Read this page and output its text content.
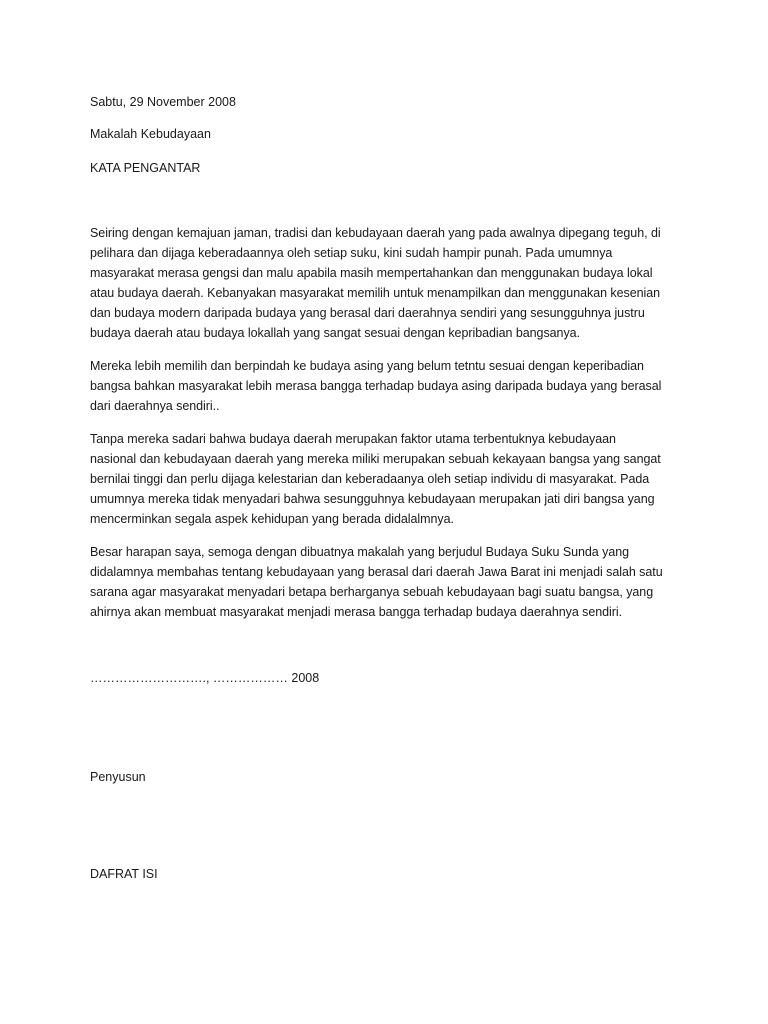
Sabtu, 29 November 2008
Makalah Kebudayaan
KATA PENGANTAR
Seiring dengan kemajuan jaman, tradisi dan kebudayaan daerah yang pada awalnya dipegang teguh, di
pelihara dan dijaga keberadaannya oleh setiap suku, kini sudah hampir punah. Pada umumnya
masyarakat merasa gengsi dan malu apabila masih mempertahankan dan menggunakan budaya lokal
atau budaya daerah. Kebanyakan masyarakat memilih untuk menampilkan dan menggunakan kesenian
dan budaya modern daripada budaya yang berasal dari daerahnya sendiri yang sesungguhnya justru
budaya daerah atau budaya lokallah yang sangat sesuai dengan kepribadian bangsanya.
Mereka lebih memilih dan berpindah ke budaya asing yang belum tetntu sesuai dengan keperibadian
bangsa bahkan masyarakat lebih merasa bangga terhadap budaya asing daripada budaya yang berasal
dari daerahnya sendiri..
Tanpa mereka sadari bahwa budaya daerah merupakan faktor utama terbentuknya kebudayaan
nasional dan kebudayaan daerah yang mereka miliki merupakan sebuah kekayaan bangsa yang sangat
bernilai tinggi dan perlu dijaga kelestarian dan keberadaanya oleh setiap individu di masyarakat. Pada
umumnya mereka tidak menyadari bahwa sesungguhnya kebudayaan merupakan jati diri bangsa yang
mencerminkan segala aspek kehidupan yang berada didalalmnya.
Besar harapan saya, semoga dengan dibuatnya makalah yang berjudul Budaya Suku Sunda yang
didalamnya membahas tentang kebudayaan yang berasal dari daerah Jawa Barat ini menjadi salah satu
sarana agar masyarakat menyadari betapa berharganya sebuah kebudayaan bagi suatu bangsa, yang
ahirnya akan membuat masyarakat menjadi merasa bangga terhadap budaya daerahnya sendiri.
………………………., ……………… 2008
Penyusun
DAFRAT ISI
